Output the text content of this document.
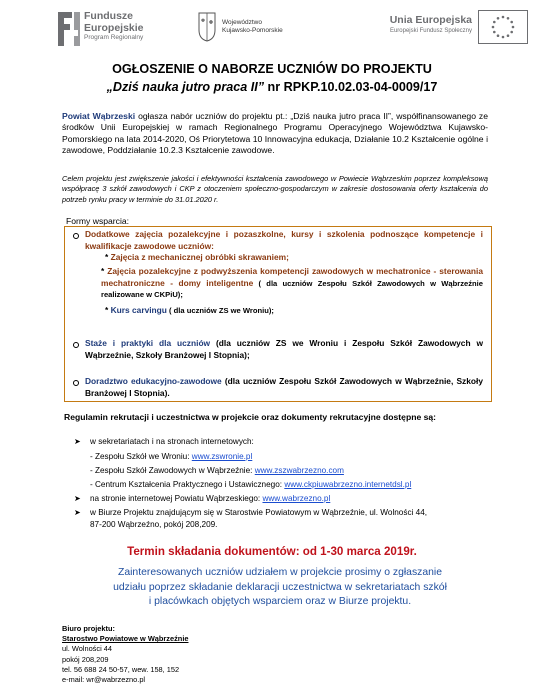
Fundusze
Europejskie
Program Regionalny
Województwo
Kujawsko-Pomorskie
Unia Europejska
Europejski Fundusz Społeczny
OGŁOSZENIE O NABORZE UCZNIÓW DO PROJEKTU
„Dziś nauka jutro praca II” nr RPKP.10.02.03-04-0009/17
Powiat Wąbrzeski ogłasza nabór uczniów do projektu pt.: „Dziś nauka jutro praca II”, współfinansowanego ze środków Unii Europejskiej w ramach Regionalnego Programu Operacyjnego Województwa Kujawsko-Pomorskiego na lata 2014-2020, Oś Priorytetowa 10 Innowacyjna edukacja, Działanie 10.2 Kształcenie ogólne i zawodowe, Poddziałanie 10.2.3 Kształcenie zawodowe.
Celem projektu jest zwiększenie jakości i efektywności kształcenia zawodowego w Powiecie Wąbrzeskim poprzez kompleksową współpracę 3 szkół zawodowych i CKP z otoczeniem społeczno-gospodarczym w zakresie dostosowania oferty kształcenia do potrzeb rynku pracy w terminie do 31.01.2020 r.
Formy wsparcia:
Dodatkowe zajęcia pozalekcyjne i pozaszkolne, kursy i szkolenia podnoszące kompetencje i kwalifikacje zawodowe uczniów:
* Zajęcia z mechanicznej obróbki skrawaniem;
* Zajęcia pozalekcyjne z podwyższenia kompetencji zawodowych w mechatronice - sterowania mechatroniczne - domy inteligentne ( dla uczniów Zespołu Szkół Zawodowych w Wąbrzeźnie realizowane w CKPiU);
* Kurs carvingu ( dla uczniów ZS we Wroniu);
Staże i praktyki dla uczniów (dla uczniów ZS we Wroniu i Zespołu Szkół Zawodowych w Wąbrzeźnie, Szkoły Branżowej I Stopnia);
Doradztwo edukacyjno-zawodowe (dla uczniów Zespołu Szkół Zawodowych w Wąbrzeźnie, Szkoły Branżowej I Stopnia).
Regulamin rekrutacji i uczestnictwa w projekcie oraz dokumenty rekrutacyjne dostępne są:
➤ w sekretariatach i na stronach internetowych:
- Zespołu Szkół we Wroniu: www.zswronie.pl
- Zespołu Szkół Zawodowych w Wąbrzeźnie: www.zszwabrzezno.com
- Centrum Kształcenia Praktycznego i Ustawicznego: www.ckpiuwabrzezno.internetdsl.pl
➤ na stronie internetowej Powiatu Wąbrzeskiego: www.wabrzezno.pl
➤ w Biurze Projektu znajdującym się w Starostwie Powiatowym w Wąbrzeźnie, ul. Wolności 44,
87-200 Wąbrzeźno, pokój 208,209.
Termin składania dokumentów: od 1-30 marca 2019r.
Zainteresowanych uczniów udziałem w projekcie prosimy o zgłaszanie
udziału poprzez składanie deklaracji uczestnictwa w sekretariatach szkół
i placówkach objętych wsparciem oraz w Biurze projektu.
Biuro projektu:
Starostwo Powiatowe w Wąbrzeźnie
ul. Wolności 44
pokój 208,209
tel. 56 688 24 50-57, wew. 158, 152
e-mail: wr@wabrzezno.pl
